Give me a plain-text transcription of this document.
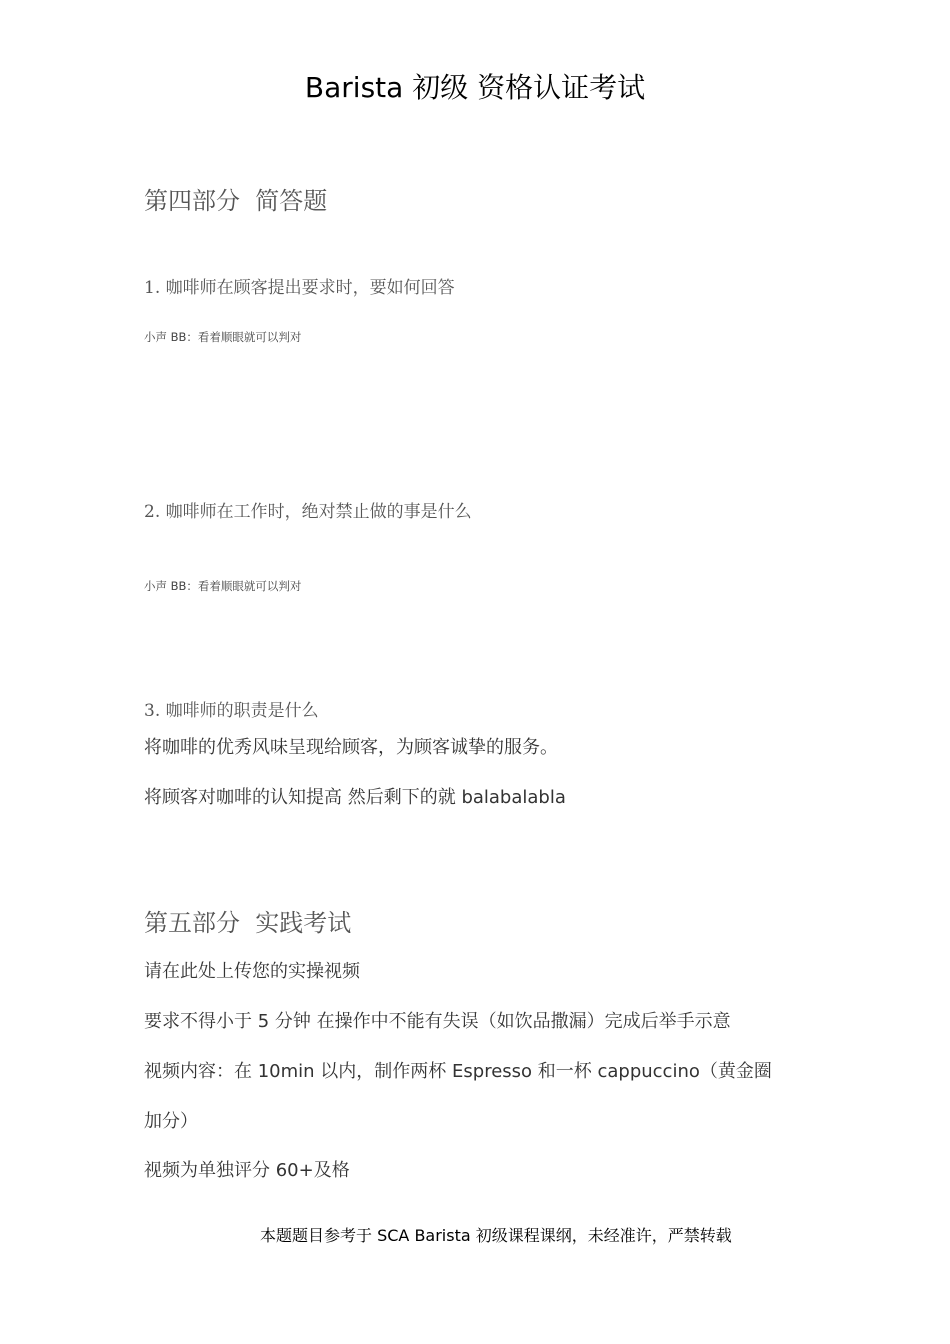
Barista 初级 资格认证考试
第四部分  简答题
1. 咖啡师在顾客提出要求时，要如何回答
小声 BB：看着顺眼就可以判对
2. 咖啡师在工作时，绝对禁止做的事是什么
小声 BB：看着顺眼就可以判对
3. 咖啡师的职责是什么
将咖啡的优秀风味呈现给顾客，为顾客诚挚的服务。
将顾客对咖啡的认知提高 然后剩下的就 balabalabla
第五部分  实践考试
请在此处上传您的实操视频
要求不得小于 5 分钟 在操作中不能有失误（如饮品撒漏）完成后举手示意
视频内容：在 10min 以内，制作两杯 Espresso 和一杯 cappuccino（黄金圈
加分）
视频为单独评分 60+及格
本题题目参考于 SCA Barista 初级课程课纲，未经准许，严禁转载
